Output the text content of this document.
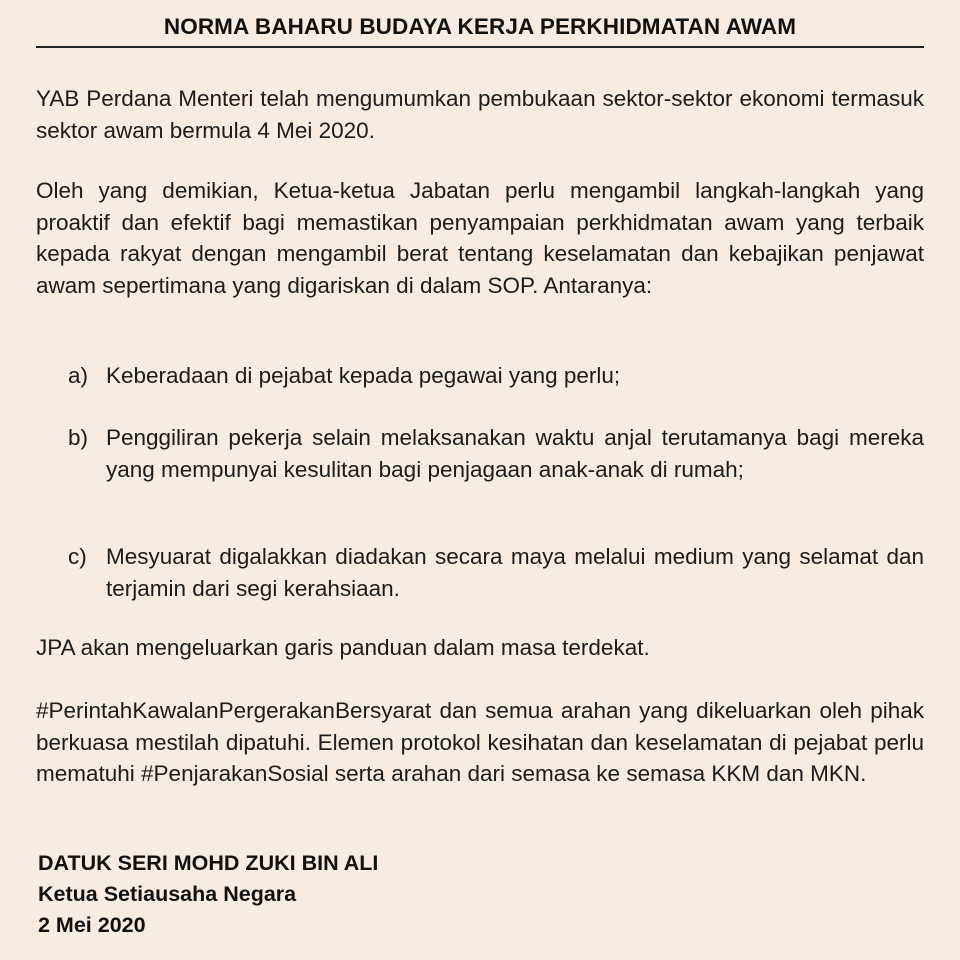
NORMA BAHARU BUDAYA KERJA PERKHIDMATAN AWAM
YAB Perdana Menteri telah mengumumkan pembukaan sektor-sektor ekonomi termasuk sektor awam bermula 4 Mei 2020.
Oleh yang demikian, Ketua-ketua Jabatan perlu mengambil langkah-langkah yang proaktif dan efektif bagi memastikan penyampaian perkhidmatan awam yang terbaik kepada rakyat dengan mengambil berat tentang keselamatan dan kebajikan penjawat awam sepertimana yang digariskan di dalam SOP. Antaranya:
a) Keberadaan di pejabat kepada pegawai yang perlu;
b) Penggiliran pekerja selain melaksanakan waktu anjal terutamanya bagi mereka yang mempunyai kesulitan bagi penjagaan anak-anak di rumah;
c) Mesyuarat digalakkan diadakan secara maya melalui medium yang selamat dan terjamin dari segi kerahsiaan.
JPA akan mengeluarkan garis panduan dalam masa terdekat.
#PerintahKawalanPergerakanBersyarat dan semua arahan yang dikeluarkan oleh pihak berkuasa mestilah dipatuhi. Elemen protokol kesihatan dan keselamatan di pejabat perlu mematuhi #PenjarakanSosial serta arahan dari semasa ke semasa KKM dan MKN.
DATUK SERI MOHD ZUKI BIN ALI
Ketua Setiausaha Negara
2 Mei 2020
